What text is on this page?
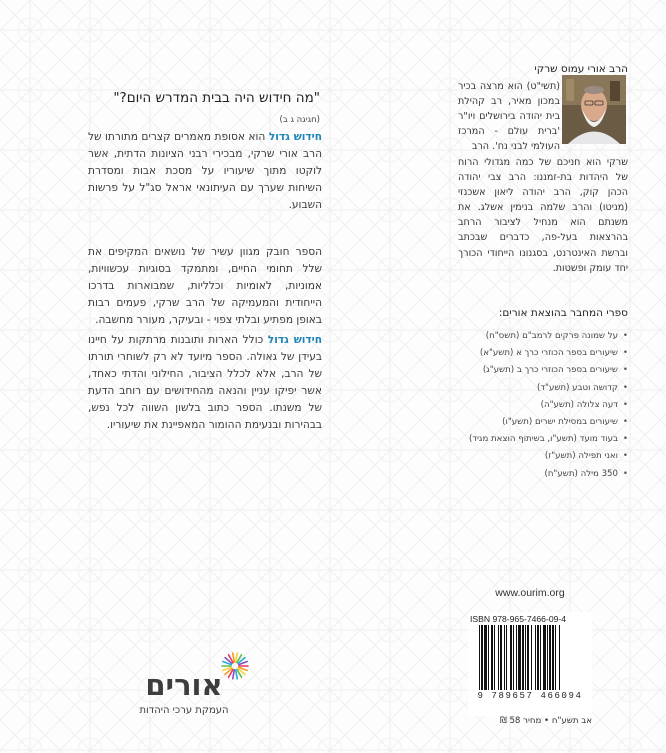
"מה חידוש היה בבית המדרש היום?"
(חגיגה ג ב)

חידוש גדול הוא אסופת מאמרים קצרים מתורתו של הרב אורי שרקי, מבכירי רבני הציונות הדתית, אשר לוקטו מתוך שיעוריו על מסכת אבות ומסדרת השיחות שערך עם העיתונאי אראל סג"ל על פרשות השבוע.

הספר חובק מגוון עשיר של נושאים המקיפים את שלל תחומי החיים, ומתמקד בסוגיות עכשוויות, אמוניות, לאומיות וכלליות, שמבוארות בדרכו הייחודית והמעמיקה של הרב שרקי, פעמים רבות באופן מפתיע ובלתי צפוי - ובעיקר, מעורר מחשבה.

חידוש גדול כולל הארות ותובנות מרתקות על חיינו בעידן של גאולה. הספר מיועד לא רק לשוחרי תורתו של הרב, אלא לכלל הציבור, החילוני והדתי כאחד, אשר יפיקו עניין והנאה מהחידושים עם רוחב הדעת של משנתו. הספר כתוב בלשון השווה לכל נפש, בבהירות ובנעימת ההומור המאפיינת את שיעוריו.

הרב אורי עמוס שרקי

(תשי"ט) הוא מרצה בכיר במכון מאיר, רב קהילת בית יהודה בירושלים ויו"ר 'ברית עולם - המרכז העולמי לבני נח'. הרב

שרקי הוא חניכם של כמה מגדולי הרוח של היהדות בת-זמננו: הרב צבי יהודה הכהן קוק, הרב יהודה ליאון אשכנזי (מניטו) והרב שלמה בנימין אשלג. את משנתם הוא מנחיל לציבור הרחב בהרצאות בעל-פה, כדברים שבכתב וברשת האינטרנט, בסגנונו הייחודי הכורך יחד עומק ופשטות.

ספרי המחבר בהוצאת אורים:
• על שמונה פרקים לרמב"ם (תשס"ח)
• שיעורים בספר הכוזרי כרך א (תשע"א)
• שיעורים בספר הכוזרי כרך ב (תשע"ג)
• קדושה וטבע (תשע"ד)
• דעה צלולה (תשע"ה)
• שיעורים במסילת ישרים (תשע"ו)
• בעוד מועד (תשע"ו, בשיתוף הוצאת מגיד)
• ואני תפילה (תשע"ז)
• 350 מילה (תשע"ח)
www.ourim.org
ISBN 978-965-7466-09-4
9 789657 466094
אב תשע"ח • מחיר 58 ₪
אורים
העמקת ערכי היהדות
